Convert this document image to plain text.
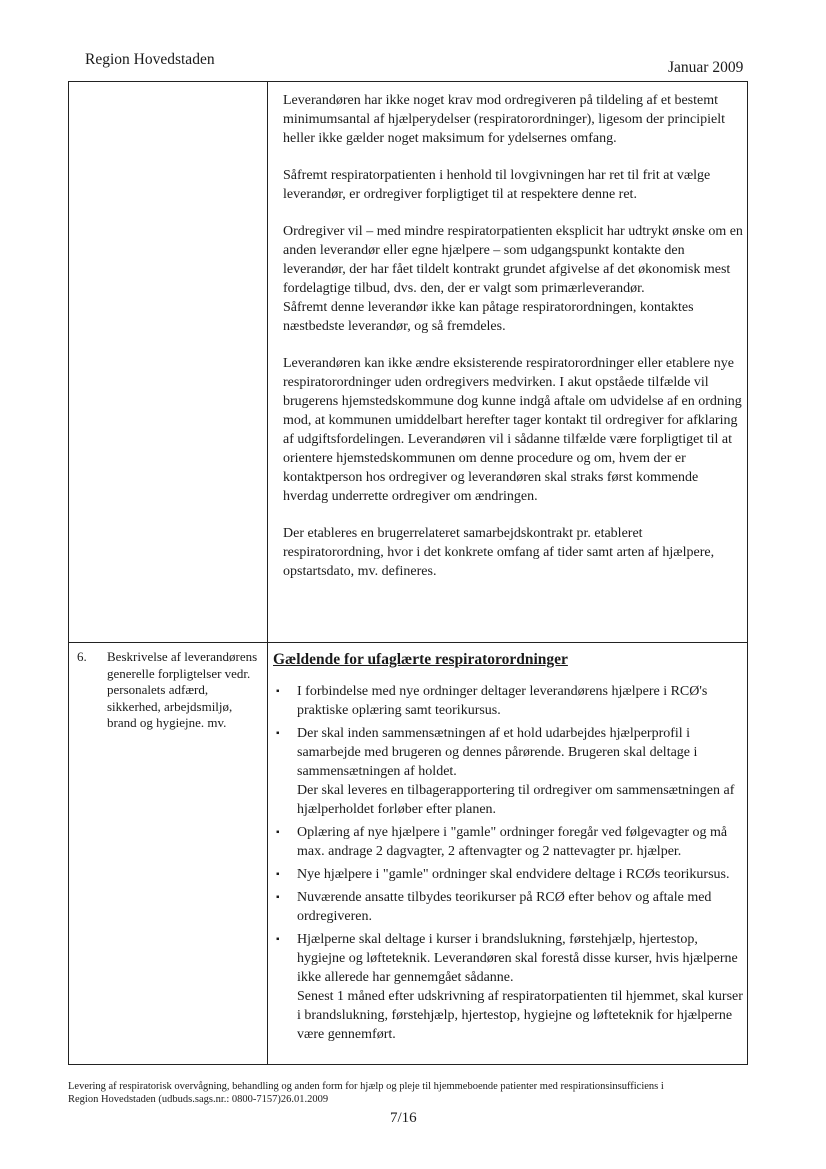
Region Hovedstaden	Januar 2009

Leverandøren har ikke noget krav mod ordregiveren på tildeling af et bestemt minimumsantal af hjælperydelser (respiratorordninger), ligesom der principielt heller ikke gælder noget maksimum for ydelsernes omfang.

Såfremt respiratorpatienten i henhold til lovgivningen har ret til frit at vælge leverandør, er ordregiver forpligtiget til at respektere denne ret.

Ordregiver vil – med mindre respiratorpatienten eksplicit har udtrykt ønske om en anden leverandør eller egne hjælpere – som udgangspunkt kontakte den leverandør, der har fået tildelt kontrakt grundet afgivelse af det økonomisk mest fordelagtige tilbud, dvs. den, der er valgt som primærleverandør.

Såfremt denne leverandør ikke kan påtage respiratorordningen, kontaktes næstbedste leverandør, og så fremdeles.

Leverandøren kan ikke ændre eksisterende respiratorordninger eller etablere nye respiratorordninger uden ordregivers medvirken. I akut opståede tilfælde vil brugerens hjemstedskommune dog kunne indgå aftale om udvidelse af en ordning mod, at kommunen umiddelbart herefter tager kontakt til ordregiver for afklaring af udgiftsfordelingen. Leverandøren vil i sådanne tilfælde være forpligtiget til at orientere hjemstedskommunen om denne procedure og om, hvem der er kontaktperson hos ordregiver og leverandøren skal straks først kommende hverdag underrette ordregiver om ændringen.

Der etableres en brugerrelateret samarbejdskontrakt pr. etableret respiratorordning, hvor i det konkrete omfang af tider samt arten af hjælpere, opstartsdato, mv. defineres.

6. Beskrivelse af leverandørens generelle forpligtelser vedr. personalets adfærd, sikkerhed, arbejdsmiljø, brand og hygiejne. mv.
Gældende for ufaglærte respiratorordninger
▪ I forbindelse med nye ordninger deltager leverandørens hjælpere i RCØ's praktiske oplæring samt teorikursus.
▪ Der skal inden sammensætningen af et hold udarbejdes hjælperprofil i samarbejde med brugeren og dennes pårørende. Brugeren skal deltage i sammensætningen af holdet.
Der skal leveres en tilbagerapportering til ordregiver om sammensætningen af hjælperholdet forløber efter planen.
▪ Oplæring af nye hjælpere i "gamle" ordninger foregår ved følgevagter og må max. andrage 2 dagvagter, 2 aftenvagter og 2 nattevagter pr. hjælper.
▪ Nye hjælpere i "gamle" ordninger skal endvidere deltage i RCØs teorikursus.
▪ Nuværende ansatte tilbydes teorikurser på RCØ efter behov og aftale med ordregiveren.
▪ Hjælperne skal deltage i kurser i brandslukning, førstehjælp, hjertestop, hygiejne og løfteteknik. Leverandøren skal forestå disse kurser, hvis hjælperne ikke allerede har gennemgået sådanne.
Senest 1 måned efter udskrivning af respiratorpatienten til hjemmet, skal kurser i brandslukning, førstehjælp, hjertestop, hygiejne og løfteteknik for hjælperne være gennemført.
Levering af respiratorisk overvågning, behandling og anden form for hjælp og pleje til hjemmeboende patienter med respirationsinsufficiens i Region Hovedstaden (udbuds.sags.nr.: 0800-7157)26.01.2009
7/16
